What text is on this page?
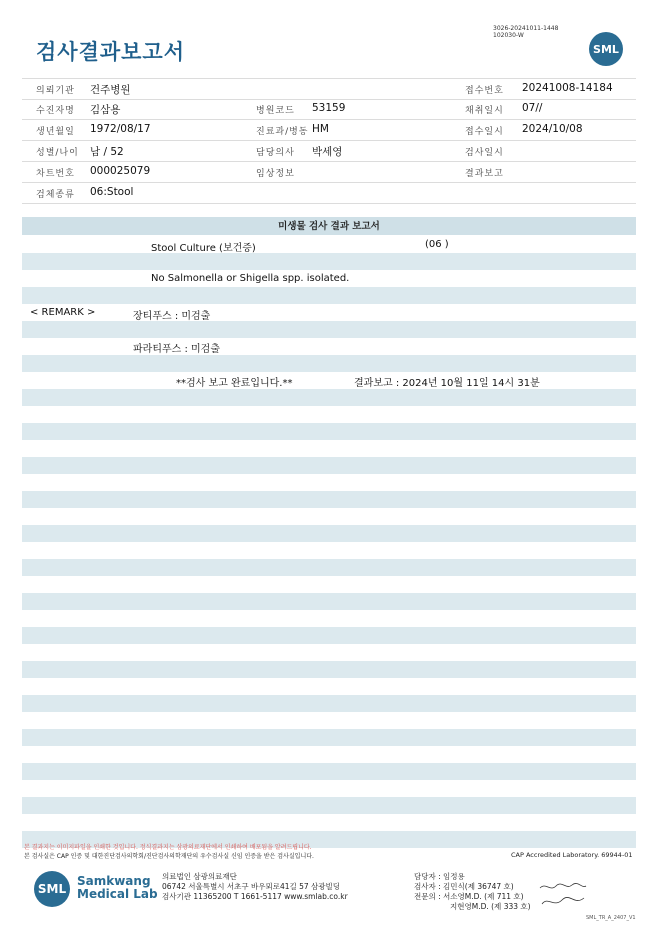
검사결과보고서
3026-20241011-1448
102030-W
SML
의뢰기관 건주병원	접수번호 20241008-14184
수진자명 김삼용	병원코드 53159	채취일시 07//
생년월일 1972/08/17	진료과/병동 HM	접수일시 2024/10/08
성별/나이 남 / 52	담당의사 박세영	검사일시
차트번호 000025079	임상정보	결과보고
검체종류 06:Stool
미생물 검사 결과 보고서
Stool Culture (보건증)	(06 )
No Salmonella or Shigella spp. isolated.
< REMARK >	장티푸스 : 미검출
파라티푸스 : 미검출
**검사 보고 완료입니다.**	결과보고 : 2024년 10월 11일 14시 31분
본 결과지는 이미지파일을 인쇄한 것입니다. 정식결과지는 삼광의료재단에서 인쇄하여 배포됨을 알려드립니다.
본 검사실은 CAP 인증 및 대한진단검사의학회/진단검사의학재단의 우수검사실 신임 인증을 받은 검사실입니다.	CAP Accredited Laboratory. 69944-01
SML
Samkwang
Medical Lab
의료법인 삼광의료재단
06742 서울특별시 서초구 바우뫼로41길 57 삼광빌딩
검사기관 11365200 T 1661-5117 www.smlab.co.kr
담당자 : 임정용
검사자 : 김민식(제 36747 호)
전문의 : 서소영M.D. (제 711 호)
지현영M.D. (제 333 호)
SML_TR_A_2407_V1
